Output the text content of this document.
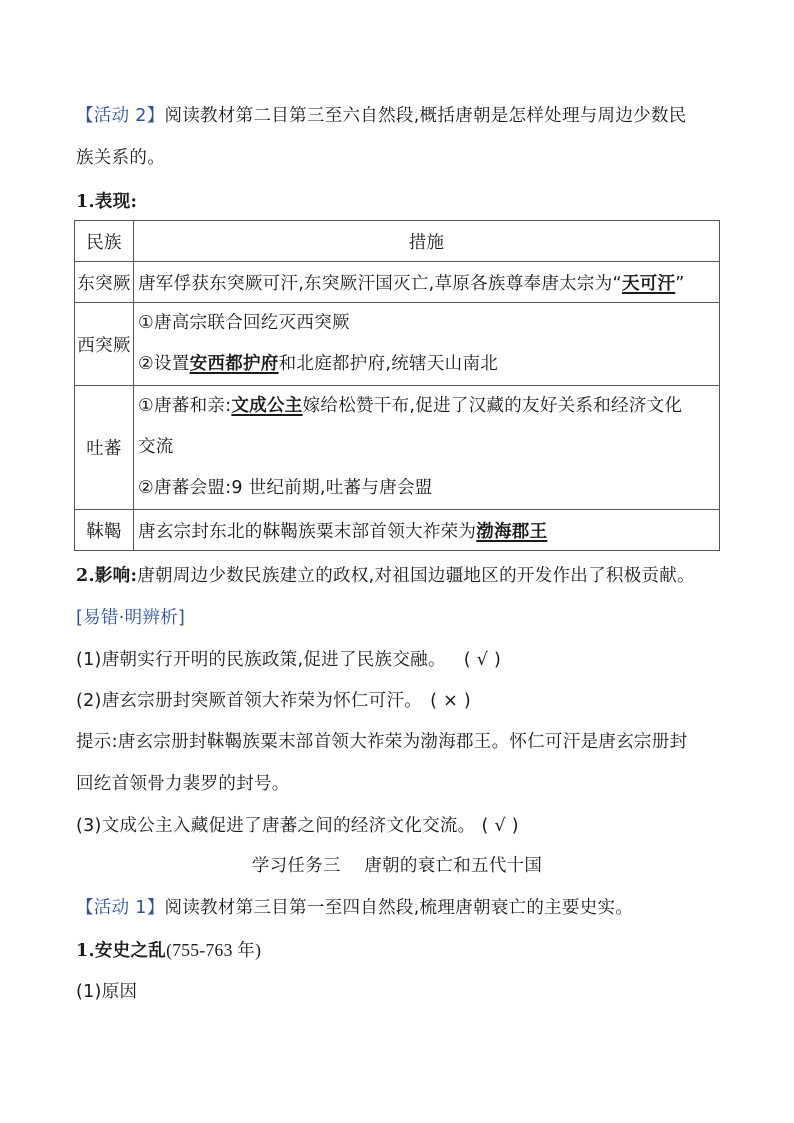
【活动 2】阅读教材第二目第三至六自然段,概括唐朝是怎样处理与周边少数民
族关系的。
1.表现:
民族	措施
东突厥	唐军俘获东突厥可汗,东突厥汗国灭亡,草原各族尊奉唐太宗为“天可汗”
西突厥	①唐高宗联合回纥灭西突厥
②设置安西都护府和北庭都护府,统辖天山南北

吐蕃	①唐蕃和亲:文成公主嫁给松赞干布,促进了汉藏的友好关系和经济文化
交流
②唐蕃会盟:9 世纪前期,吐蕃与唐会盟

靺鞨	唐玄宗封东北的靺鞨族粟末部首领大祚荣为渤海郡王
2.影响:唐朝周边少数民族建立的政权,对祖国边疆地区的开发作出了积极贡献。
[易错·明辨析]
(1)唐朝实行开明的民族政策,促进了民族交融。 ( √ )
(2)唐玄宗册封突厥首领大祚荣为怀仁可汗。 ( × )
提示:唐玄宗册封靺鞨族粟末部首领大祚荣为渤海郡王。怀仁可汗是唐玄宗册封
回纥首领骨力裴罗的封号。
(3)文成公主入藏促进了唐蕃之间的经济文化交流。 ( √ )
学习任务三    唐朝的衰亡和五代十国
【活动 1】阅读教材第三目第一至四自然段,梳理唐朝衰亡的主要史实。
1.安史之乱(755-763 年)
(1)原因
